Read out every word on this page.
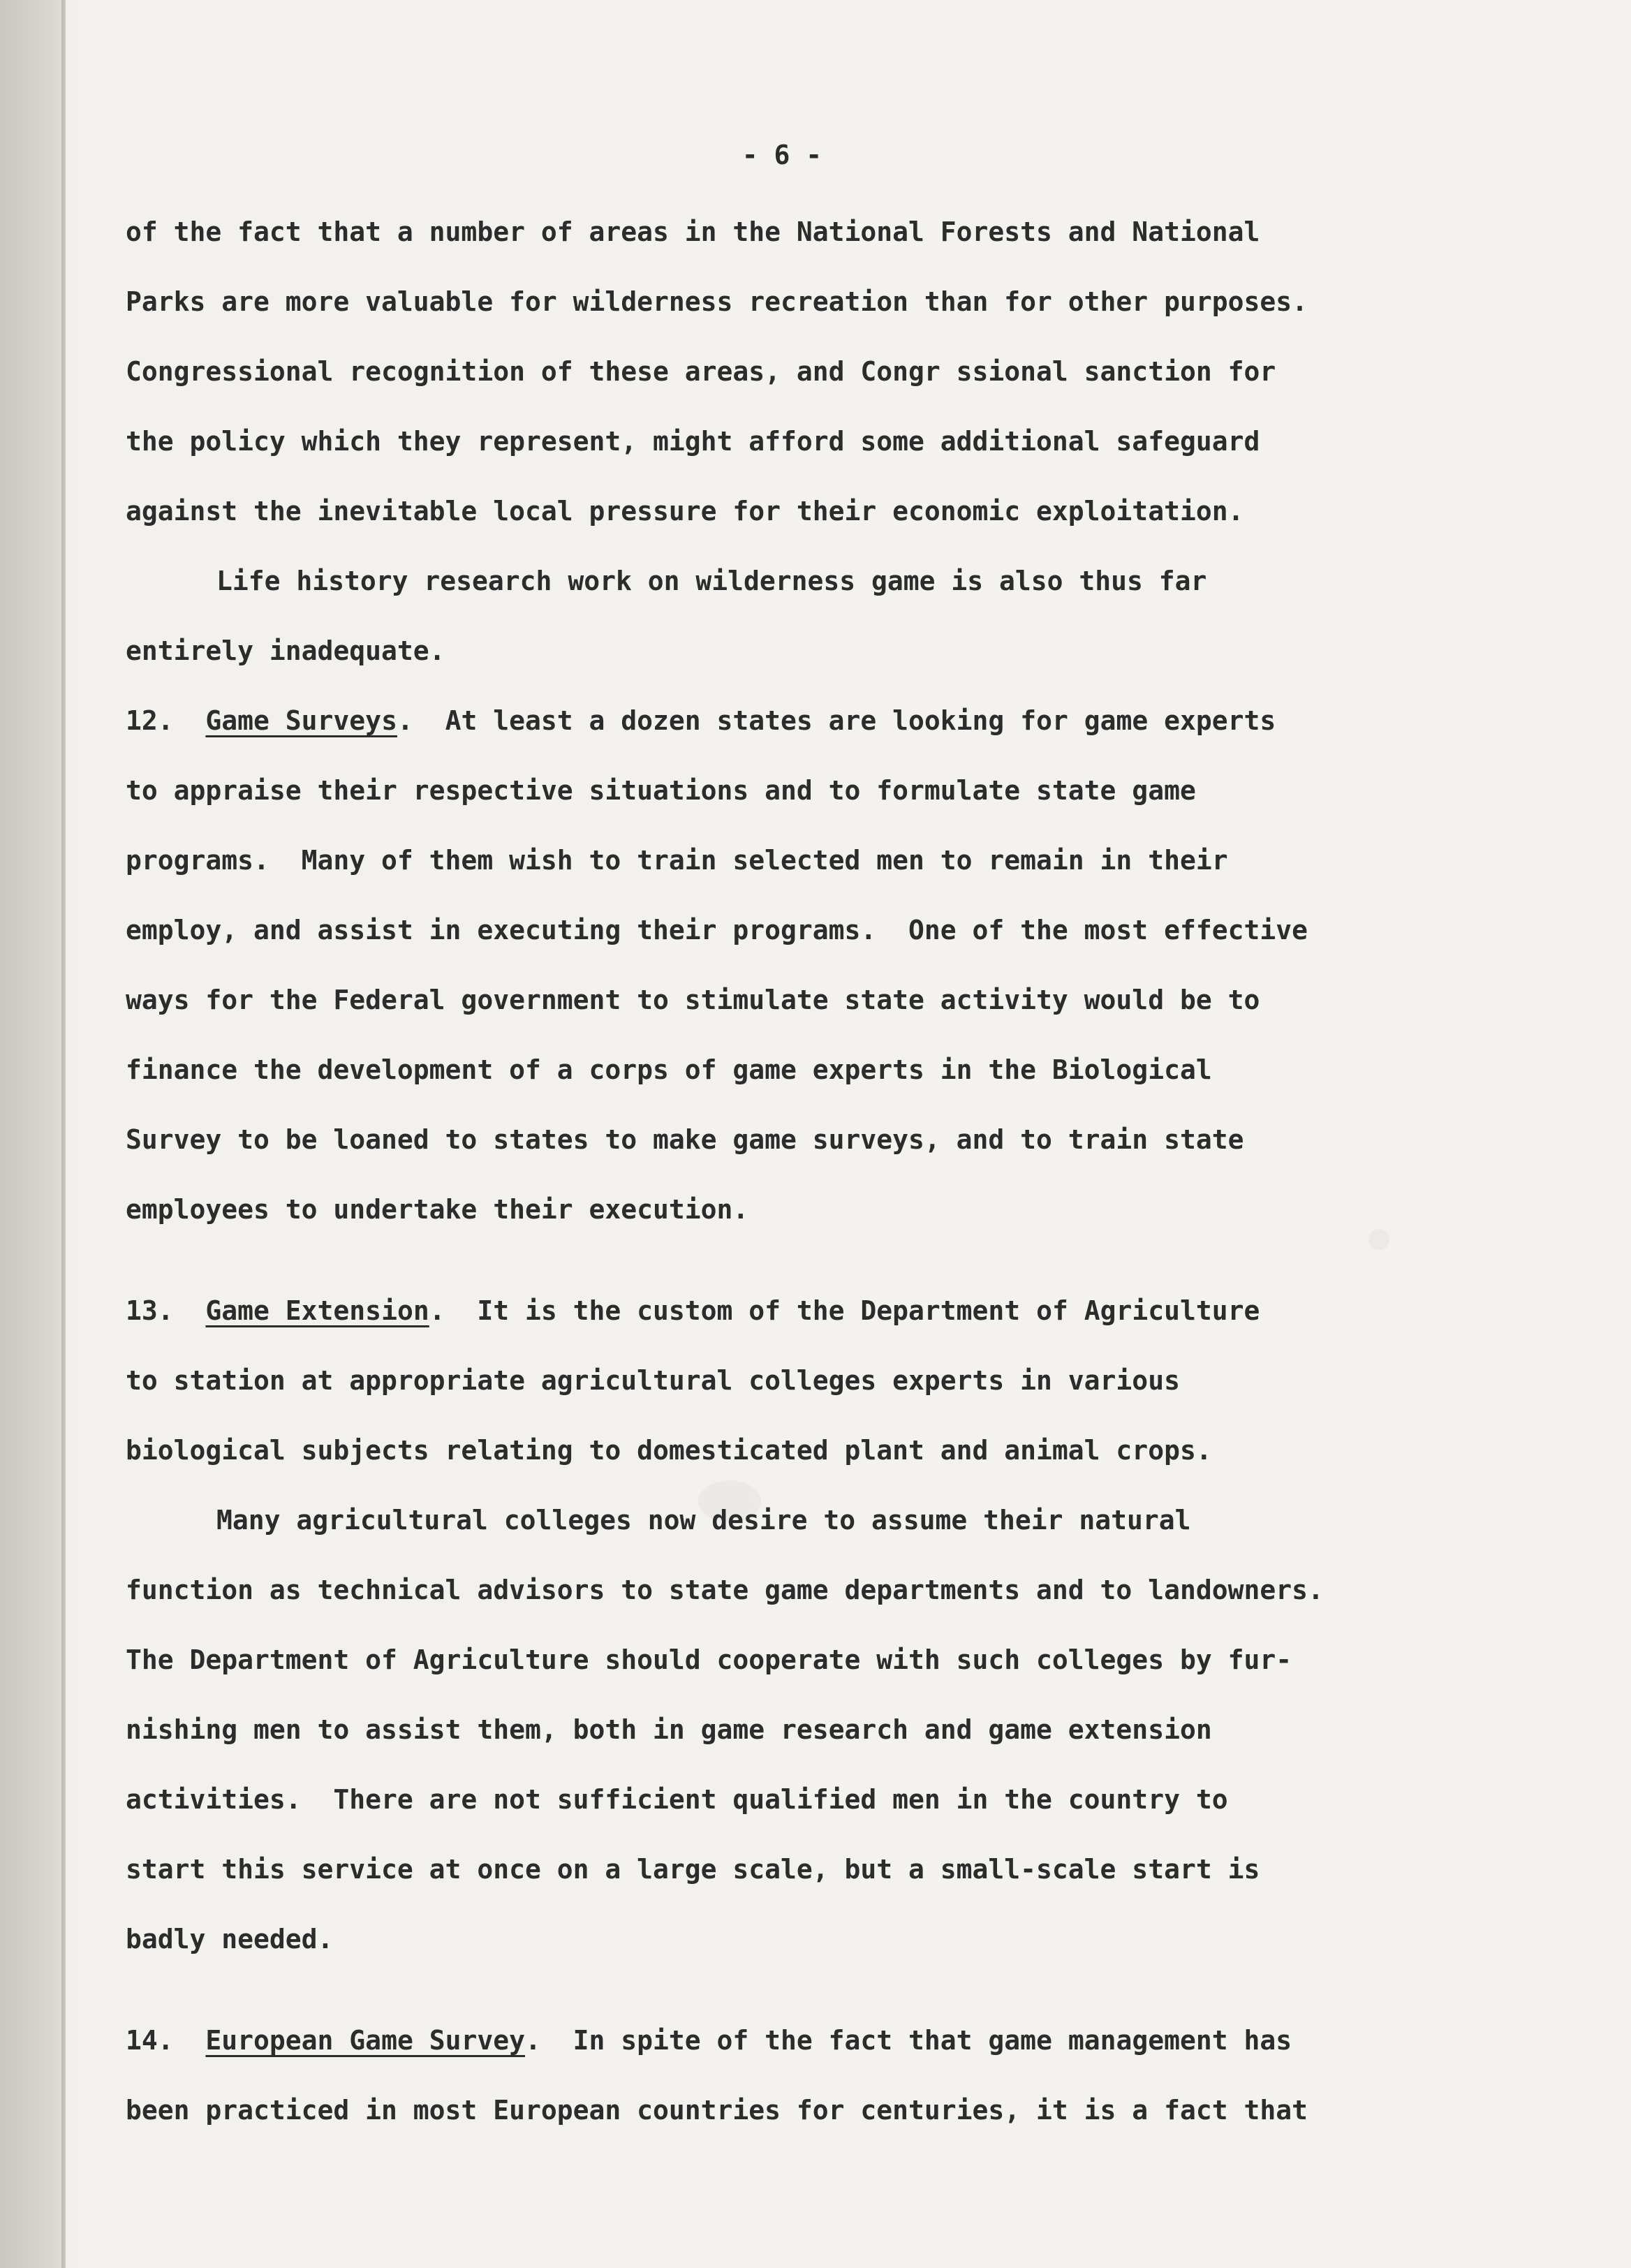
- 6 -
of the fact that a number of areas in the National Forests and National
Parks are more valuable for wilderness recreation than for other purposes.
Congressional recognition of these areas, and Congr ssional sanction for
the policy which they represent, might afford some additional safeguard
against the inevitable local pressure for their economic exploitation.
Life history research work on wilderness game is also thus far
entirely inadequate.
12. Game Surveys.  At least a dozen states are looking for game experts
to appraise their respective situations and to formulate state game
programs.  Many of them wish to train selected men to remain in their
employ, and assist in executing their programs.  One of the most effective
ways for the Federal government to stimulate state activity would be to
finance the development of a corps of game experts in the Biological
Survey to be loaned to states to make game surveys, and to train state
employees to undertake their execution.
13. Game Extension.  It is the custom of the Department of Agriculture
to station at appropriate agricultural colleges experts in various
biological subjects relating to domesticated plant and animal crops.
Many agricultural colleges now desire to assume their natural
function as technical advisors to state game departments and to landowners.
The Department of Agriculture should cooperate with such colleges by fur-
nishing men to assist them, both in game research and game extension
activities.  There are not sufficient qualified men in the country to
start this service at once on a large scale, but a small-scale start is
badly needed.
14. European Game Survey.  In spite of the fact that game management has
been practiced in most European countries for centuries, it is a fact that
